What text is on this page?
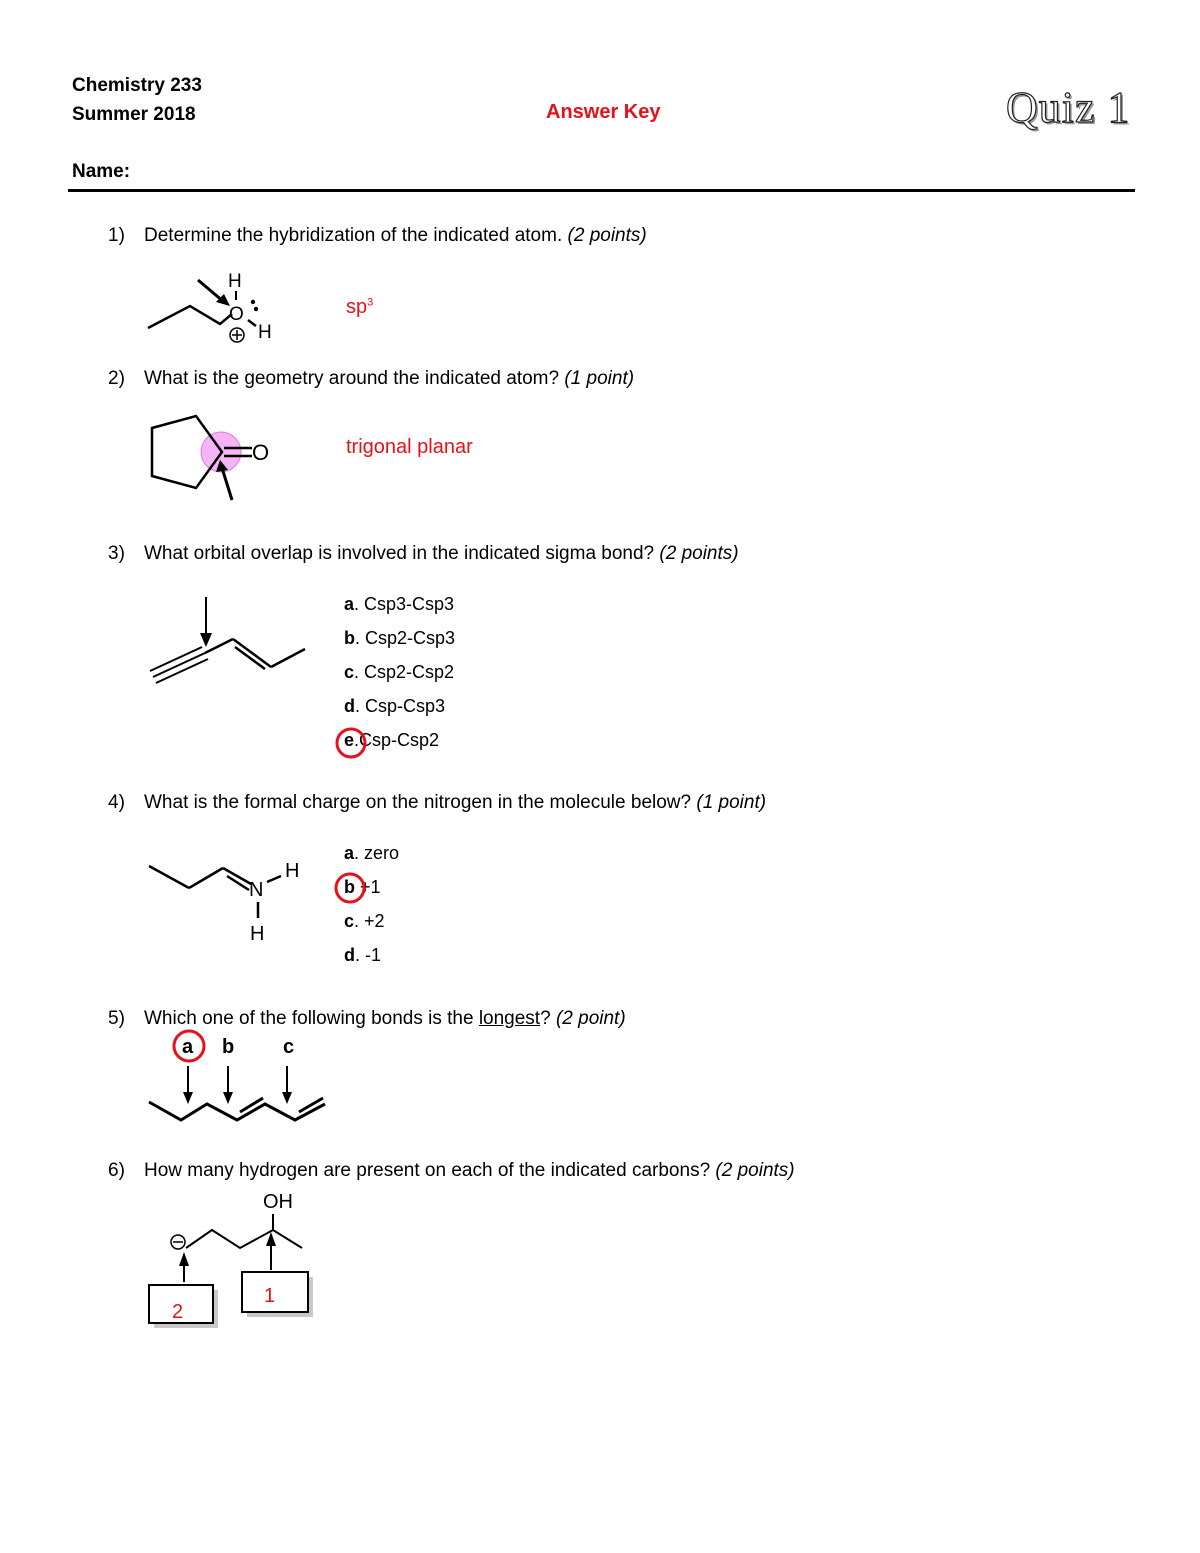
Chemistry 233
Summer 2018	Answer Key	Quiz 1
Name:
1) Determine the hybridization of the indicated atom. (2 points)
H
O
H
$sp^3$
2) What is the geometry around the indicated atom? (1 point)
O	trigonal planar
3) What orbital overlap is involved in the indicated sigma bond? (2 points)
a. Csp3-Csp3
b. Csp2-Csp3
c. Csp2-Csp2
d. Csp-Csp3
e.Csp-Csp2
4) What is the formal charge on the nitrogen in the molecule below? (1 point)
N
H
H
a. zero
b +1
c. +2
d. -1
5) Which one of the following bonds is the longest? (2 point)
a b c
6) How many hydrogen are present on each of the indicated carbons? (2 points)
OH
2
1
